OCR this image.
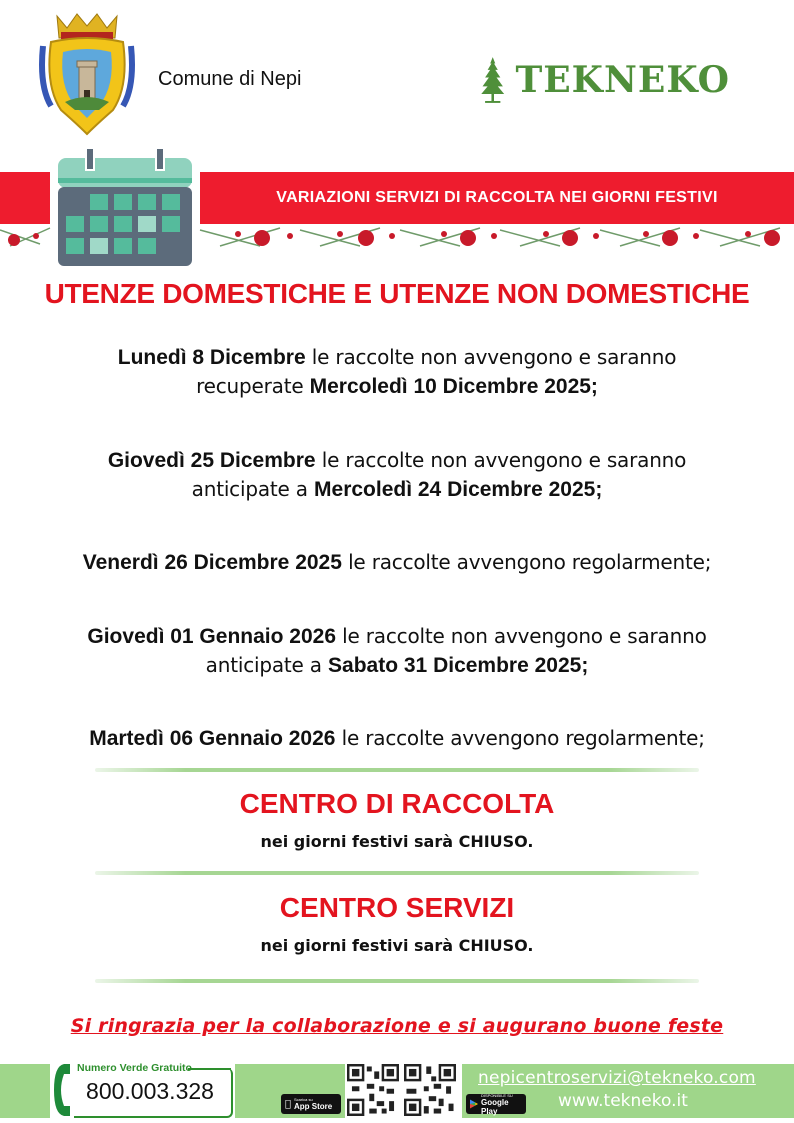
Comune di Nepi	TEKNEKO
VARIAZIONI SERVIZI DI RACCOLTA NEI GIORNI FESTIVI
UTENZE DOMESTICHE E UTENZE NON DOMESTICHE
Lunedì 8 Dicembre le raccolte non avvengono e saranno
recuperate Mercoledì 10 Dicembre 2025;
Giovedì 25 Dicembre le raccolte non avvengono e saranno
anticipate a Mercoledì 24 Dicembre 2025;
Venerdì 26 Dicembre 2025 le raccolte avvengono regolarmente;
Giovedì 01 Gennaio 2026 le raccolte non avvengono e saranno
anticipate a Sabato 31 Dicembre 2025;
Martedì 06 Gennaio 2026 le raccolte avvengono regolarmente;
CENTRO DI RACCOLTA
nei giorni festivi sarà CHIUSO.
CENTRO SERVIZI
nei giorni festivi sarà CHIUSO.
Si ringrazia per la collaborazione e si augurano buone feste
Numero Verde Gratuito
800.003.328	Scarica su
App Store
DISPONIBILE SU
Google Play
nepicentroservizi@tekneko.com
www.tekneko.it
